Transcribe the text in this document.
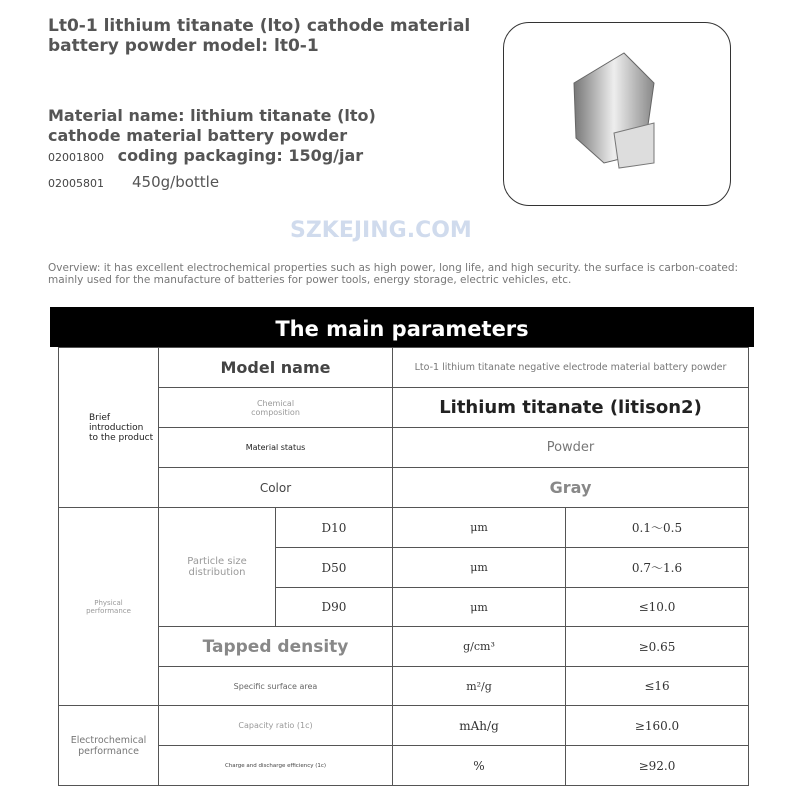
SZKEJING.COM
Lt0-1 lithium titanate (lto) cathode material battery powder model: lt0-1
Material name: lithium titanate (lto)
cathode material battery powder
02001800 coding packaging: 150g/jar
02005801 450g/bottle
Overview: it has excellent electrochemical properties such as high power, long life, and high security. the surface is carbon-coated: mainly used for the manufacture of batteries for power tools, energy storage, electric vehicles, etc.
The main parameters
Brief introduction to the product
Model name	Lto-1 lithium titanate negative electrode material battery powder
Chemical composition	Lithium titanate (litison2)
Material status	Powder
Color	Gray
Physical performance
Particle size distribution
D10	μm	0.1～0.5
D50	μm	0.7～1.6
D90	μm	≤10.0
Tapped density	g/cm³	≥0.65
Specific surface area	m²/g	≤16
Electrochemical performance
Capacity ratio (1c)	mAh/g	≥160.0
Charge and discharge efficiency (1c)	%	≥92.0
